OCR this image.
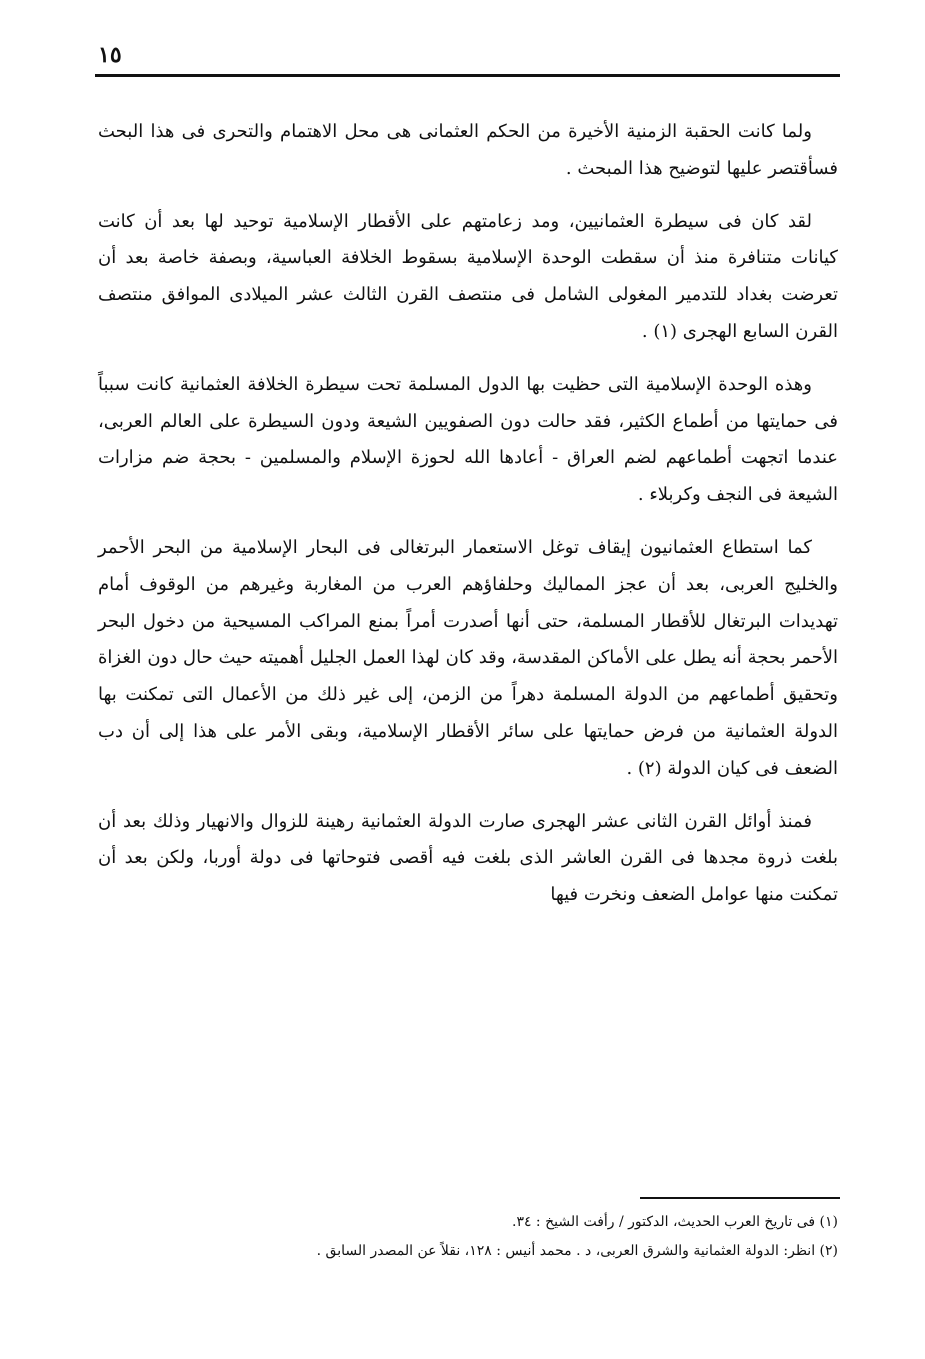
١٥

ولما كانت الحقبة الزمنية الأخيرة من الحكم العثمانى هى محل الاهتمام والتحرى فى هذا البحث فسأقتصر عليها لتوضيح هذا المبحث .

لقد كان فى سيطرة العثمانيين، ومد زعامتهم على الأقطار الإسلامية توحيد لها بعد أن كانت كيانات متنافرة منذ أن سقطت الوحدة الإسلامية بسقوط الخلافة العباسية، وبصفة خاصة بعد أن تعرضت بغداد للتدمير المغولى الشامل فى منتصف القرن الثالث عشر الميلادى الموافق منتصف القرن السابع الهجرى (١) .

وهذه الوحدة الإسلامية التى حظيت بها الدول المسلمة تحت سيطرة الخلافة العثمانية كانت سبباً فى حمايتها من أطماع الكثير، فقد حالت دون الصفويين الشيعة ودون السيطرة على العالم العربى، عندما اتجهت أطماعهم لضم العراق - أعادها الله لحوزة الإسلام والمسلمين - بحجة ضم مزارات الشيعة فى النجف وكربلاء .

كما استطاع العثمانيون إيقاف توغل الاستعمار البرتغالى فى البحار الإسلامية من البحر الأحمر والخليج العربى، بعد أن عجز المماليك وحلفاؤهم العرب من المغاربة وغيرهم من الوقوف أمام تهديدات البرتغال للأقطار المسلمة، حتى أنها أصدرت أمراً بمنع المراكب المسيحية من دخول البحر الأحمر بحجة أنه يطل على الأماكن المقدسة، وقد كان لهذا العمل الجليل أهميته حيث حال دون الغزاة وتحقيق أطماعهم من الدولة المسلمة دهراً من الزمن، إلى غير ذلك من الأعمال التى تمكنت بها الدولة العثمانية من فرض حمايتها على سائر الأقطار الإسلامية، وبقى الأمر على هذا إلى أن دب الضعف فى كيان الدولة (٢) .

فمنذ أوائل القرن الثانى عشر الهجرى صارت الدولة العثمانية رهينة للزوال والانهيار وذلك بعد أن بلغت ذروة مجدها فى القرن العاشر الذى بلغت فيه أقصى فتوحاتها فى دولة أوربا، ولكن بعد أن تمكنت منها عوامل الضعف ونخرت فيها

(١) فى تاريخ العرب الحديث، الدكتور / رأفت الشيخ : ٣٤.

(٢) انظر: الدولة العثمانية والشرق العربى، د . محمد أنيس : ١٢٨، نقلاً عن المصدر السابق .
